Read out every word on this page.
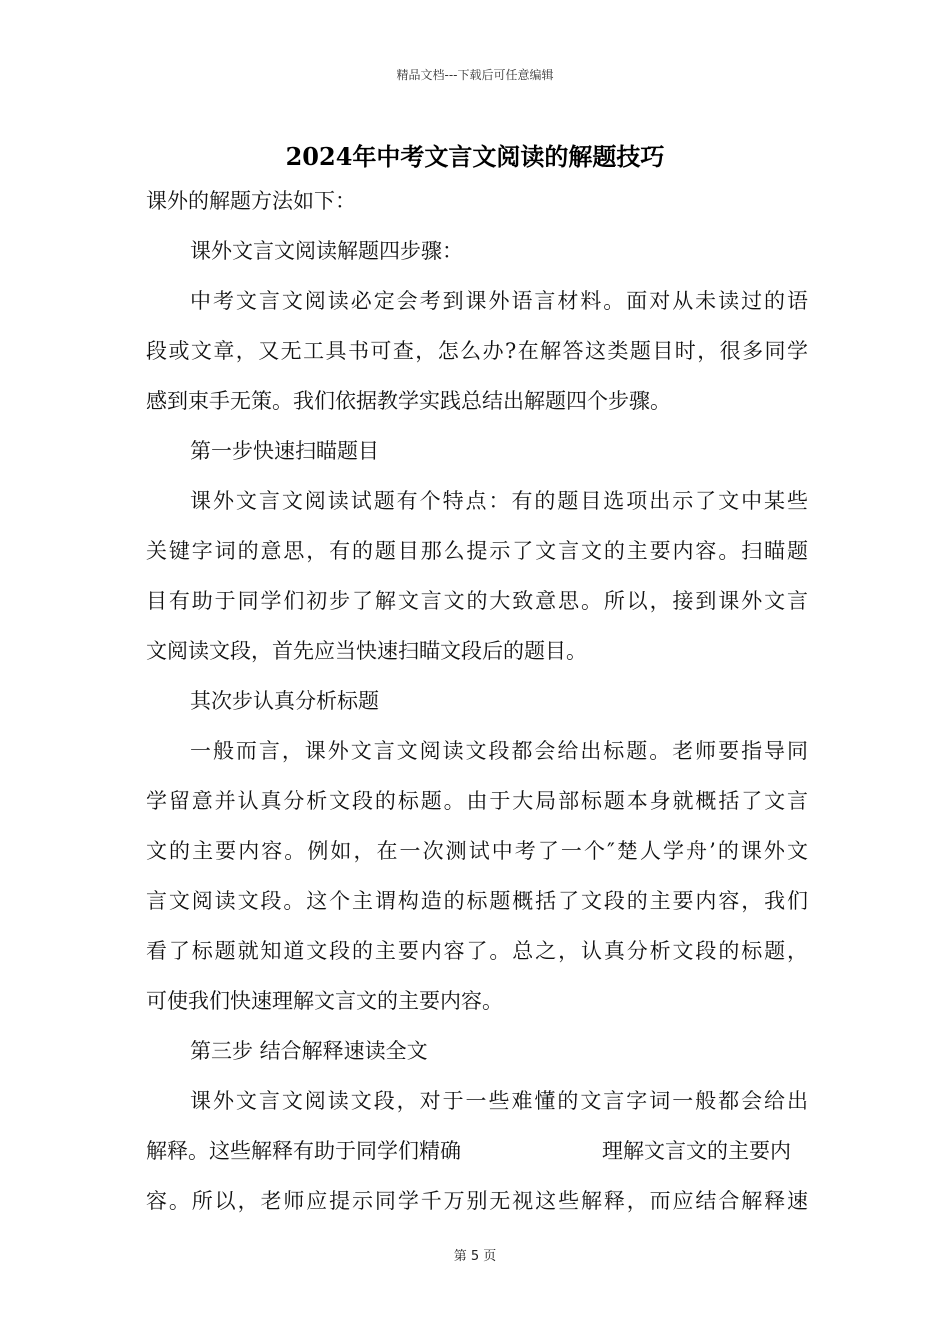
精品文档---下载后可任意编辑
2024年中考文言文阅读的解题技巧
课外的解题方法如下：
课外文言文阅读解题四步骤：
中考文言文阅读必定会考到课外语言材料。面对从未读过的语
段或文章，又无工具书可查，怎么办?在解答这类题目时，很多同学
感到束手无策。我们依据教学实践总结出解题四个步骤。
第一步快速扫瞄题目
课外文言文阅读试题有个特点：有的题目选项出示了文中某些
关键字词的意思，有的题目那么提示了文言文的主要内容。扫瞄题
目有助于同学们初步了解文言文的大致意思。所以，接到课外文言
文阅读文段，首先应当快速扫瞄文段后的题目。
其次步认真分析标题
一般而言，课外文言文阅读文段都会给出标题。老师要指导同
学留意并认真分析文段的标题。由于大局部标题本身就概括了文言
文的主要内容。例如，在一次测试中考了一个″楚人学舟’的课外文
言文阅读文段。这个主谓构造的标题概括了文段的主要内容，我们
看了标题就知道文段的主要内容了。总之，认真分析文段的标题，
可使我们快速理解文言文的主要内容。
第三步 结合解释速读全文
课外文言文阅读文段，对于一些难懂的文言字词一般都会给出
解释。这些解释有助于同学们精确	理解文言文的主要内
容。所以，老师应提示同学千万别无视这些解释，而应结合解释速
第 5 页
